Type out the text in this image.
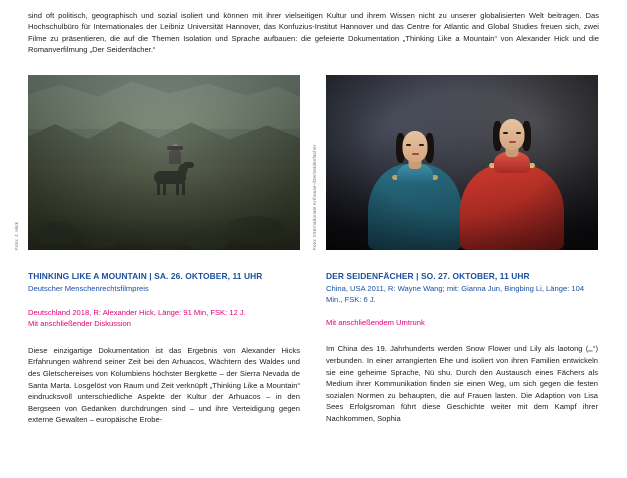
sind oft politisch, geographisch und sozial isoliert und können mit ihrer vielseitigen Kultur und ihrem Wissen nicht zu unserer globalisierten Welt beitragen. Das Hochschulbüro für Internationales der Leibniz Universität Hannover, das Konfuzius-Institut Hannover und das Centre for Atlantic and Global Studies freuen sich, zwei Filme zu präsentieren, die auf die Themen Isolation und Sprache aufbauen: die gefeierte Dokumentation „Thinking Like a Mountain“ von Alexander Hick und die Romanverfilmung „Der Seidenfächer.“

Foto: J. Hick
THINKING LIKE A MOUNTAIN | SA. 26. OKTOBER, 11 UHR
Deutscher Menschenrechtsfilmpreis
Deutschland 2018, R: Alexander Hick, Länge: 91 Min, FSK: 12 J.
Mit anschließender Diskussion

Diese einzigartige Dokumentation ist das Ergebnis von Alexander Hicks Erfahrungen während seiner Zeit bei den Arhuacos, Wächtern des Waldes und des Gletschereises von Kolumbiens höchster Bergkette – der Sierra Nevada de Santa Marta. Losgelöst von Raum und Zeit verknüpft „Thinking Like a Mountain“ eindrucksvoll unterschiedliche Aspekte der Kultur der Arhuacos – in den Bergseen von Gedanken durchdrungen sind – und ihre Verteidigung gegen externe Gewalten – europäische Erobe-

Foto: Internationale Arthouse-/DerSeidenfächer
DER SEIDENFÄCHER | SO. 27. OKTOBER, 11 UHR
China, USA 2011, R: Wayne Wang; mit: Gianna Jun, Bingbing Li, Länge: 104 Min., FSK: 6 J.
Mit anschließendem Umtrunk

Im China des 19. Jahrhunderts werden Snow Flower und Lily als laotong („,“) verbunden. In einer arrangierten Ehe und isoliert von ihren Familien entwickeln sie eine geheime Sprache, Nü shu. Durch den Austausch eines Fächers als Medium ihrer Kommunikation finden sie einen Weg, um sich gegen die festen sozialen Normen zu behaupten, die auf Frauen lasten. Die Adaption von Lisa Sees Erfolgsroman führt diese Geschichte weiter mit dem Kampf ihrer Nachkommen, Sophia
